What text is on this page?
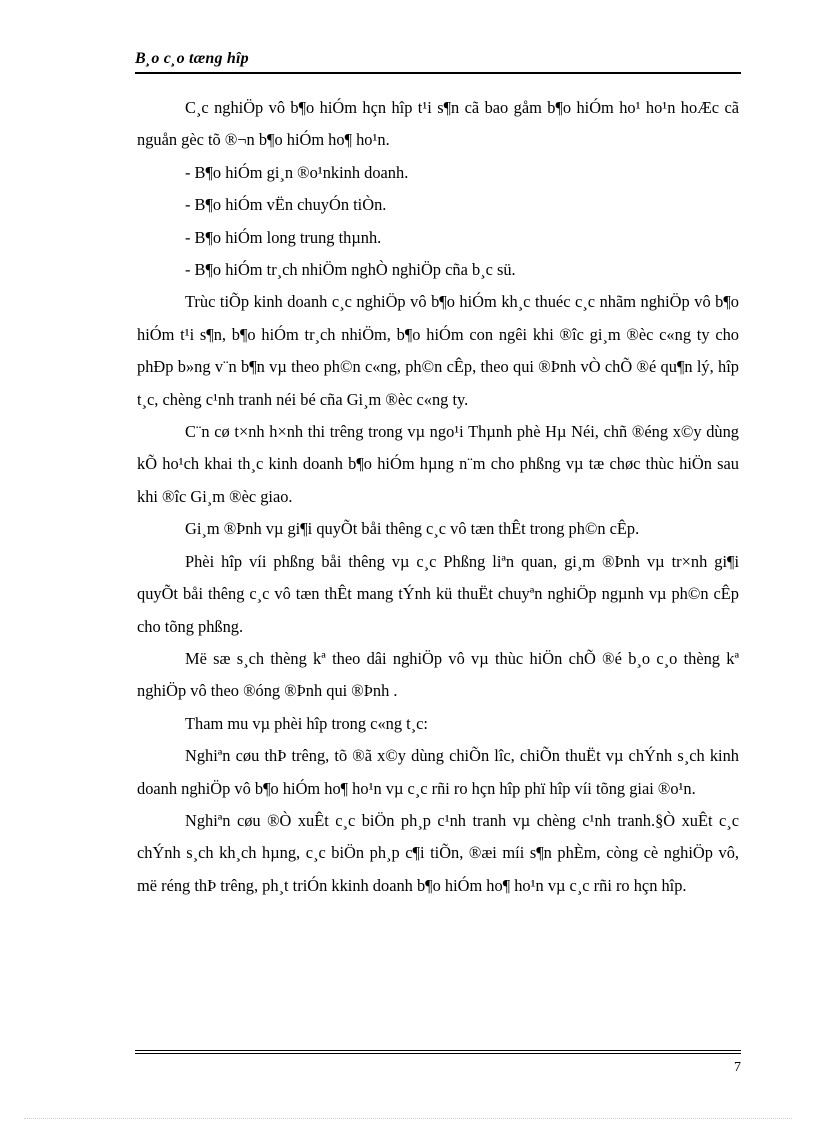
B¸o c¸o tæng hîp

C¸c nghiÖp vô b¶o hiÓm hçn hîp t¹i s¶n cã bao gåm b¶o hiÓm ho¹ ho¹n hoÆc cã nguån gèc tõ ®¬n b¶o hiÓm ho¶ ho¹n.

- B¶o hiÓm gi¸n ®o¹nkinh doanh.

- B¶o hiÓm vËn chuyÓn tiÒn.

- B¶o hiÓm long trung thµnh.

- B¶o hiÓm tr¸ch nhiÖm nghÒ nghiÖp cña b¸c sü.

Trùc tiÕp kinh doanh c¸c nghiÖp vô b¶o hiÓm kh¸c thuéc c¸c nhãm nghiÖp vô b¶o hiÓm t¹i s¶n, b¶o hiÓm tr¸ch nhiÖm, b¶o hiÓm con ngêi khi ®îc gi¸m ®èc c«ng ty cho phÐp b»ng v¨n b¶n vµ theo ph©n c«ng, ph©n cÊp, theo qui ®Þnh vÒ chÕ ®é qu¶n lý, hîp t¸c, chèng c¹nh tranh néi bé cña Gi¸m ®èc c«ng ty.

C¨n cø t×nh h×nh thi trêng trong vµ ngo¹i Thµnh phè Hµ Néi, chñ ®éng x©y dùng kÕ ho¹ch khai th¸c kinh doanh b¶o hiÓm hµng n¨m cho phßng vµ tæ chøc thùc hiÖn sau khi ®îc Gi¸m ®èc giao.

Gi¸m ®Þnh vµ gi¶i quyÕt båi thêng c¸c vô tæn thÊt trong ph©n cÊp.

Phèi hîp víi phßng båi thêng vµ c¸c Phßng liªn quan, gi¸m ®Þnh vµ tr×nh gi¶i quyÕt båi thêng c¸c vô tæn thÊt mang tÝnh kü thuËt chuyªn nghiÖp ngµnh vµ ph©n cÊp cho tõng phßng.

Më sæ s¸ch thèng kª theo dâi nghiÖp vô vµ thùc hiÖn chÕ ®é b¸o c¸o thèng kª nghiÖp vô theo ®óng ®Þnh qui ®Þnh .

Tham mu vµ phèi hîp trong c«ng t¸c:

Nghiªn cøu thÞ trêng, tõ ®ã x©y dùng chiÕn lîc, chiÕn thuËt vµ chÝnh s¸ch kinh doanh nghiÖp vô b¶o hiÓm ho¶ ho¹n vµ c¸c rñi ro hçn hîp phï hîp víi tõng giai ®o¹n.

Nghiªn cøu ®Ò xuÊt c¸c biÖn ph¸p c¹nh tranh vµ chèng c¹nh tranh.§Ò xuÊt c¸c chÝnh s¸ch kh¸ch hµng, c¸c biÖn ph¸p c¶i tiÕn, ®æi míi s¶n phÈm, còng cè nghiÖp vô, më réng thÞ trêng, ph¸t triÓn kkinh doanh b¶o hiÓm ho¶ ho¹n vµ c¸c rñi ro hçn hîp.

7
